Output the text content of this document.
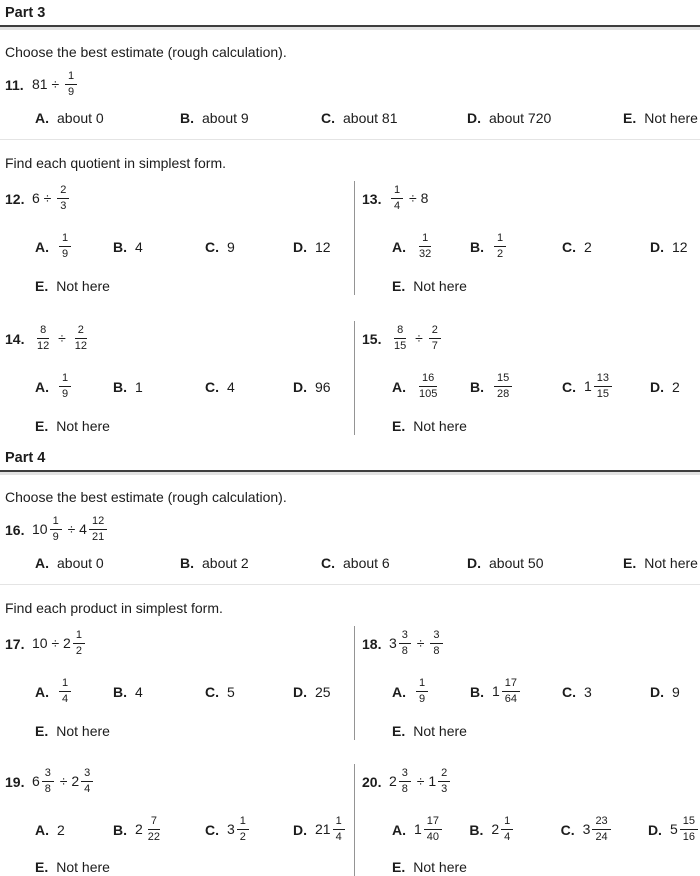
Part 3
Choose the best estimate (rough calculation).
11. $81 \div \frac{1}{9}$
A. about 0	B. about 9	C. about 81	D. about 720	E. Not here
Find each quotient in simplest form.
12. $6 \div \frac{2}{3}$
A. $\frac{1}{9}$	B. 4	C. 9	D. 12
E. Not here
13. $\frac{1}{4} \div 8$
A. $\frac{1}{32}$	B. $\frac{1}{2}$	C. 2	D. 12
E. Not here
14. $\frac{8}{12} \div \frac{2}{12}$
A. $\frac{1}{9}$	B. 1	C. 4	D. 96
E. Not here
15. $\frac{8}{15} \div \frac{2}{7}$
A. $\frac{16}{105} B$. $\frac{15}{28}$	C. $1 \frac{13}{15}$	D. 2
E. Not here
Part 4
Choose the best estimate (rough calculation).
16. $10 \frac{1}{9} \div 4 \frac{12}{21}$
A. about 0	B. about 2	C. about 6	D. about 50	E. Not here
Find each product in simplest form.
17. $10 \div 2 \frac{1}{2}$
A. $\frac{1}{4}$	B. 4	C. 5	D. 25
E. Not here
18. $3 \frac{3}{8} \div \frac{3}{8}$
A. $\frac{1}{9}$	B. $1 \frac{17}{64}$	C. 3	D. 9
E. Not here
19. $6 \frac{3}{8} \div 2 \frac{3}{4}$
A. 2	B. $2 \frac{7}{22}$	C. $3 \frac{1}{2}$	D. $21 \frac{1}{4}$
E. Not here
20. $2 \frac{3}{8} \div 1 \frac{2}{3}$
A. $1 \frac{17}{40} B$. $2 \frac{1}{4}$	C. $3 \frac{23}{24}$	D. $5 \frac{15}{16}$
E. Not here
